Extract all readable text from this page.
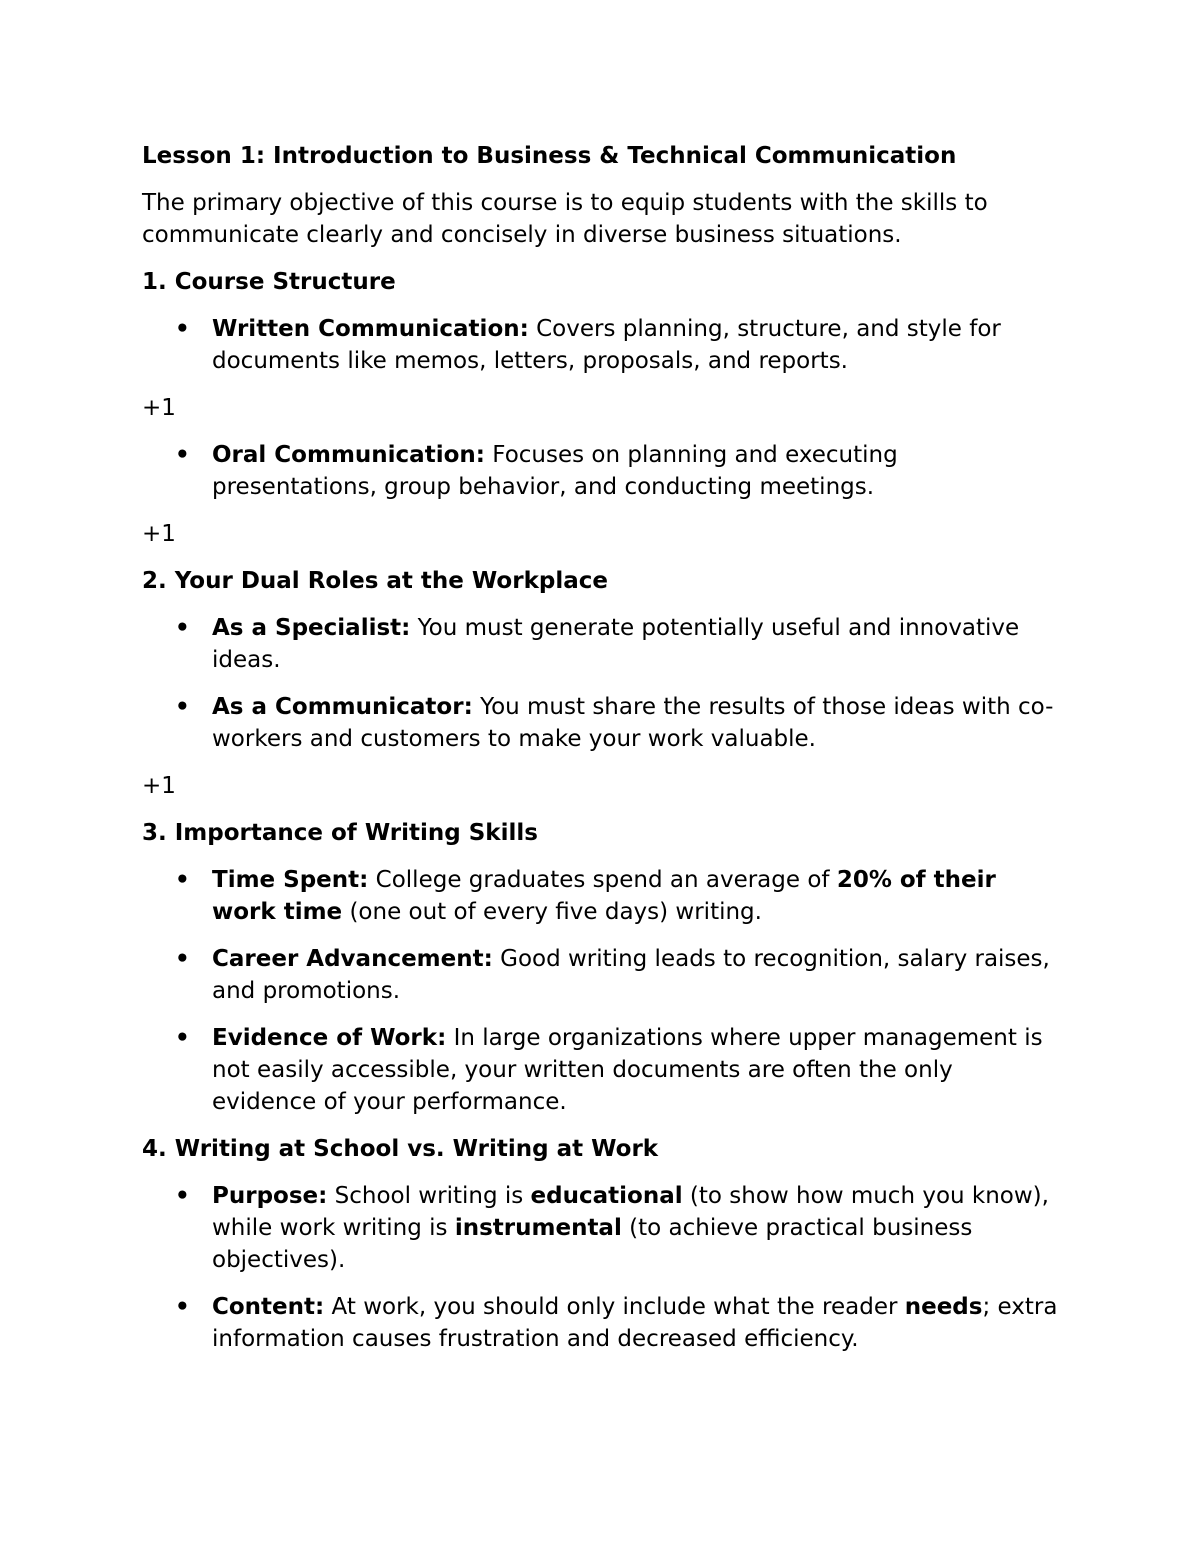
Lesson 1: Introduction to Business & Technical Communication
The primary objective of this course is to equip students with the skills to communicate clearly and concisely in diverse business situations.
1. Course Structure
• Written Communication: Covers planning, structure, and style for documents like memos, letters, proposals, and reports.
+1
• Oral Communication: Focuses on planning and executing presentations, group behavior, and conducting meetings.
+1
2. Your Dual Roles at the Workplace
• As a Specialist: You must generate potentially useful and innovative ideas.
• As a Communicator: You must share the results of those ideas with co-workers and customers to make your work valuable.
+1
3. Importance of Writing Skills
• Time Spent: College graduates spend an average of 20% of their work time (one out of every five days) writing.
• Career Advancement: Good writing leads to recognition, salary raises, and promotions.
• Evidence of Work: In large organizations where upper management is not easily accessible, your written documents are often the only evidence of your performance.
4. Writing at School vs. Writing at Work
• Purpose: School writing is educational (to show how much you know), while work writing is instrumental (to achieve practical business objectives).
• Content: At work, you should only include what the reader needs; extra information causes frustration and decreased efficiency.
